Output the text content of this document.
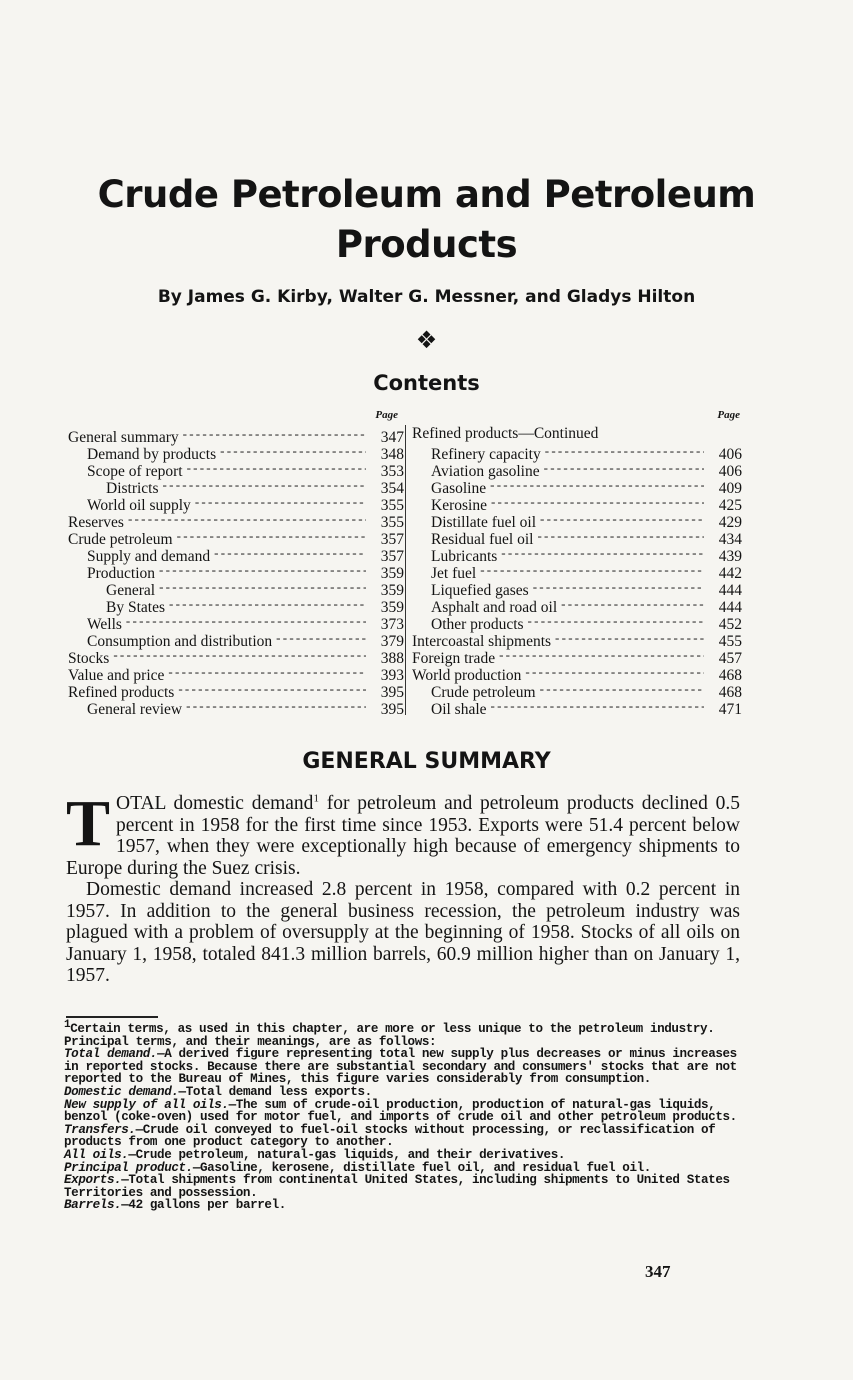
Crude Petroleum and Petroleum
Products
By James G. Kirby, Walter G. Messner, and Gladys Hilton
❖
Contents
Page
General summary - - -	347
Demand by products - - -	348
Scope of report - - -	353
Districts - - -	354
World oil supply - - -	355
Reserves - - -	355
Crude petroleum - - -	357
Supply and demand - - -	357
Production - - -	359
General - - -	359
By States - - -	359
Wells - - -	373
Consumption and distribution - - -	379
Stocks - - -	388
Value and price - - -	393
Refined products - - -	395
General review - - -	395
Page
Refined products—Continued
Refinery capacity - - -	406
Aviation gasoline - - -	406
Gasoline - - -	409
Kerosine - - -	425
Distillate fuel oil - - -	429
Residual fuel oil - - -	434
Lubricants - - -	439
Jet fuel - - -	442
Liquefied gases - - -	444
Asphalt and road oil - - -	444
Other products - - -	452
Intercoastal shipments - - -	455
Foreign trade - - -	457
World production - - -	468
Crude petroleum - - -	468
Oil shale - - -	471
GENERAL SUMMARY

TOTAL domestic demand$^1$ for petroleum and petroleum products declined 0.5 percent in 1958 for the first time since 1953. Exports were 51.4 percent below 1957, when they were exceptionally high because of emergency shipments to Europe during the Suez crisis.

Domestic demand increased 2.8 percent in 1958, compared with 0.2 percent in 1957. In addition to the general business recession, the petroleum industry was plagued with a problem of oversupply at the beginning of 1958. Stocks of all oils on January 1, 1958, totaled 841.3 million barrels, 60.9 million higher than on January 1, 1957.

$^1$Certain terms, as used in this chapter, are more or less unique to the petroleum industry. Principal terms, and their meanings, are as follows:

Total demand.—A derived figure representing total new supply plus decreases or minus increases in reported stocks. Because there are substantial secondary and consumers' stocks that are not reported to the Bureau of Mines, this figure varies considerably from consumption.

Domestic demand.—Total demand less exports.

New supply of all oils.—The sum of crude-oil production, production of natural-gas liquids, benzol (coke-oven) used for motor fuel, and imports of crude oil and other petroleum products.

Transfers.—Crude oil conveyed to fuel-oil stocks without processing, or reclassification of products from one product category to another.

All oils.—Crude petroleum, natural-gas liquids, and their derivatives.

Principal product.—Gasoline, kerosene, distillate fuel oil, and residual fuel oil.

Exports.—Total shipments from continental United States, including shipments to United States Territories and possession.

Barrels.—42 gallons per barrel.

347
